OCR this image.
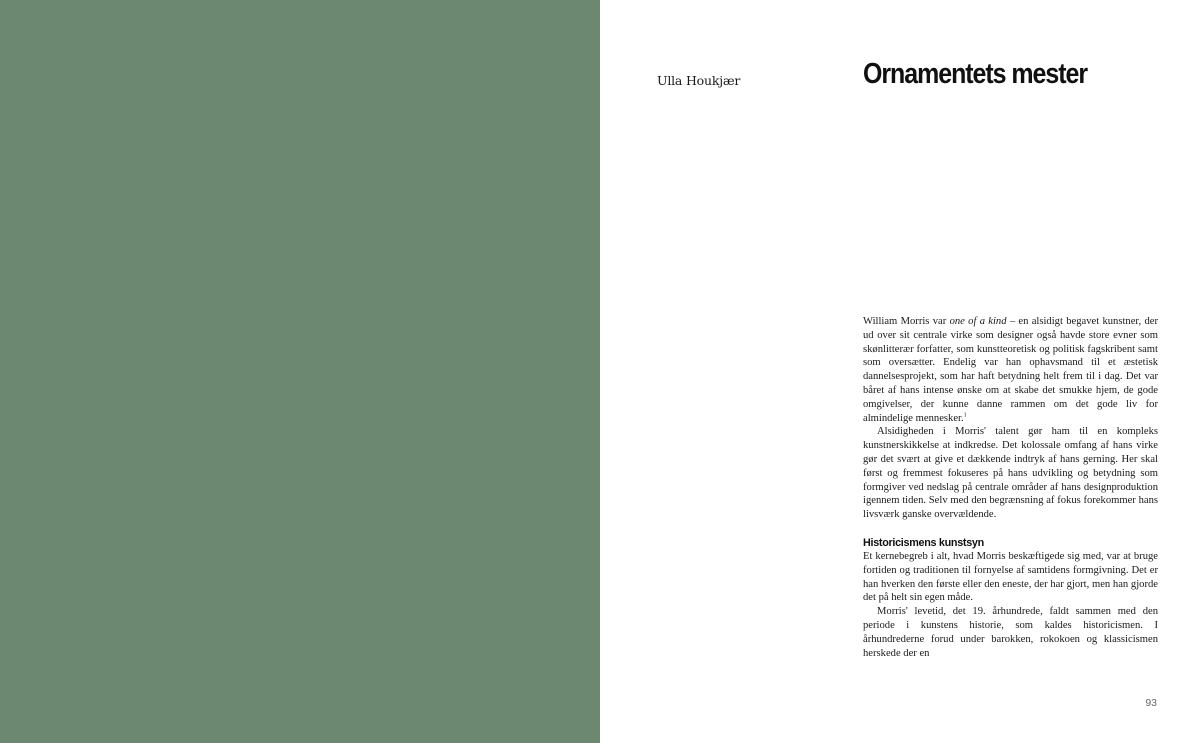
Ulla Houkjær	Ornamentets mester

William Morris var one of a kind – en alsidigt begavet kunstner, der ud over sit centrale virke som designer også havde store evner som skønlitterær forfatter, som kunstteoretisk og politisk fagskribent samt som oversætter. Endelig var han ophavsmand til et æstetisk dannelsesprojekt, som har haft betydning helt frem til i dag. Det var båret af hans intense ønske om at skabe det smukke hjem, de gode omgivelser, der kunne danne rammen om det gode liv for almindelige mennesker.$^1$

Alsidigheden i Morris' talent gør ham til en kompleks kunstnerskikkelse at indkredse. Det kolossale omfang af hans virke gør det svært at give et dækkende indtryk af hans gerning. Her skal først og fremmest fokuseres på hans udvikling og betydning som formgiver ved nedslag på centrale områder af hans designproduktion igennem tiden. Selv med den begrænsning af fokus forekommer hans livsværk ganske overvældende.

Historicismens kunstsyn

Et kernebegreb i alt, hvad Morris beskæftigede sig med, var at bruge fortiden og traditionen til fornyelse af samtidens formgivning. Det er han hverken den første eller den eneste, der har gjort, men han gjorde det på helt sin egen måde.

Morris' levetid, det 19. århundrede, faldt sammen med den periode i kunstens historie, som kaldes historicismen. I århundrederne forud under barokken, rokokoen og klassicismen herskede der en

93
